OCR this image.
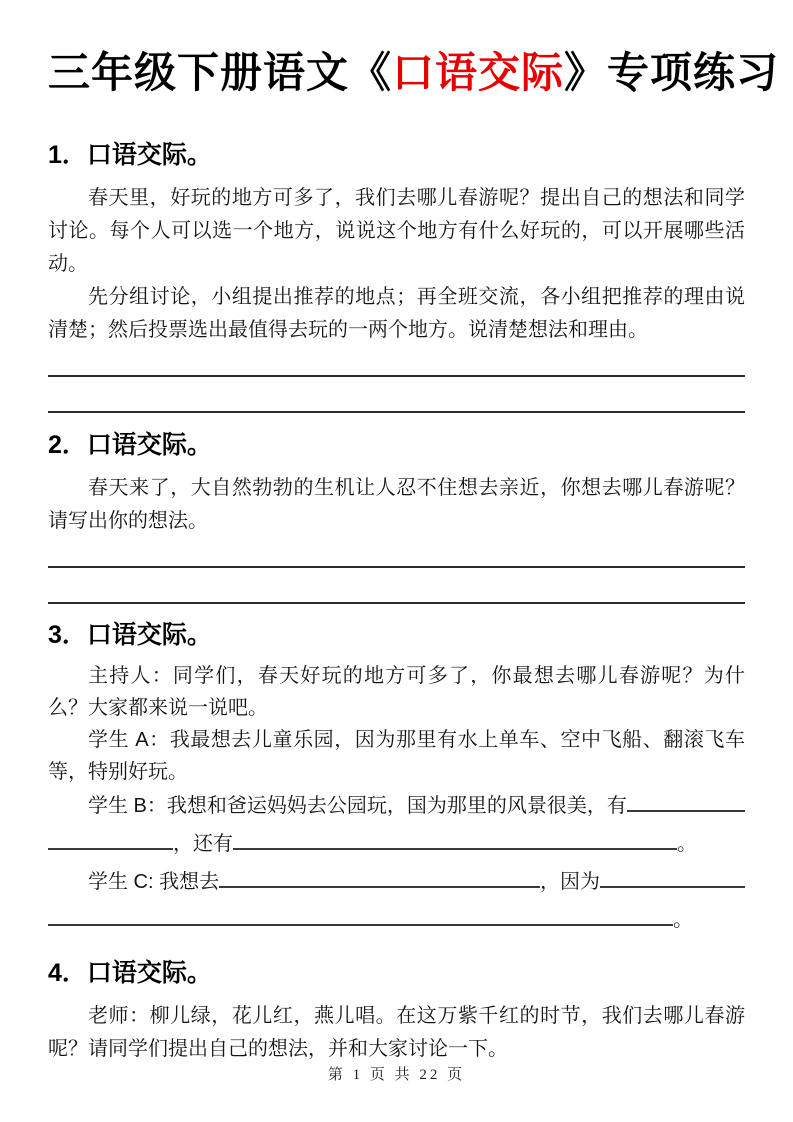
三年级下册语文《口语交际》专项练习
1．口语交际。

春天里，好玩的地方可多了，我们去哪儿春游呢？提出自己的想法和同学讨论。每个人可以选一个地方，说说这个地方有什么好玩的，可以开展哪些活动。

先分组讨论，小组提出推荐的地点；再全班交流，各小组把推荐的理由说清楚；然后投票选出最值得去玩的一两个地方。说清楚想法和理由。

2．口语交际。

春天来了，大自然勃勃的生机让人忍不住想去亲近，你想去哪儿春游呢？请写出你的想法。

3．口语交际。

主持人：同学们，春天好玩的地方可多了，你最想去哪儿春游呢？为什么？大家都来说一说吧。

学生 A：我最想去儿童乐园，因为那里有水上单车、空中飞船、翻滚飞车等，特别好玩。

学生 B：我想和爸运妈妈去公园玩，国为那里的风景很美，有
，还有	。
学生 C: 我想去	，因为
。
4．口语交际。

老师：柳儿绿，花儿红，燕儿唱。在这万紫千红的时节，我们去哪儿春游呢？请同学们提出自己的想法，并和大家讨论一下。

第 1 页 共 22 页
